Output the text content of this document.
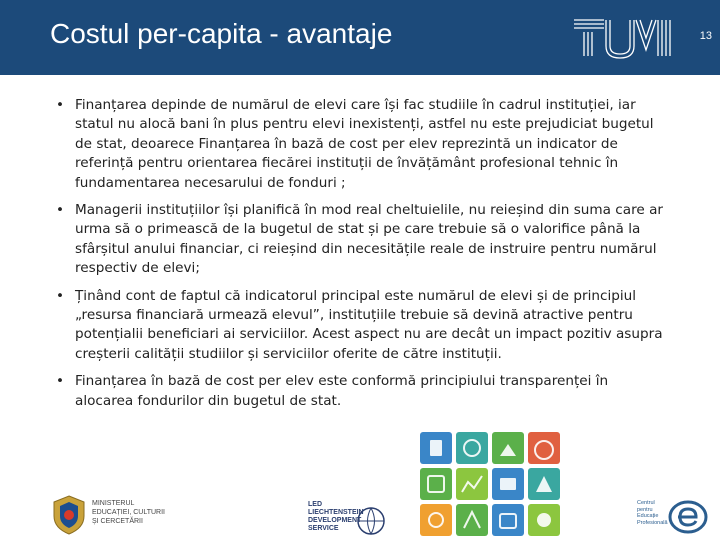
Costul per-capita - avantaje	13
• Finanțarea depinde de numărul de elevi care își fac studiile în cadrul instituției, iar statul nu alocă bani în plus pentru elevi inexistenți, astfel nu este prejudiciat bugetul de stat, deoarece Finanțarea în bază de cost per elev reprezintă un indicator de referință pentru orientarea fiecărei instituții de învățământ profesional tehnic în fundamentarea necesarului de fonduri ;
• Managerii instituțiilor își planifică în mod real cheltuielile, nu reieșind din suma care ar urma să o primească de la bugetul de stat și pe care trebuie să o valorifice până la sfârșitul anului financiar, ci reieșind din necesitățile reale de instruire pentru numărul respectiv de elevi;
• Ținând cont de faptul că indicatorul principal este numărul de elevi și de principiul „resursa financiară urmează elevul”, instituțiile trebuie să devină atractive pentru potențialii beneficiari ai serviciilor. Acest aspect nu are decât un impact pozitiv asupra creșterii calității studiilor și serviciilor oferite de către instituții.
• Finanțarea în bază de cost per elev este conformă principiului transparenței în alocarea fondurilor din bugetul de stat.
MINISTERUL EDUCAȚIEI, CULTURII ȘI CERCETĂRII
LED LIECHTENSTEIN DEVELOPMENT SERVICE
Centrul pentru Educație Profesională
